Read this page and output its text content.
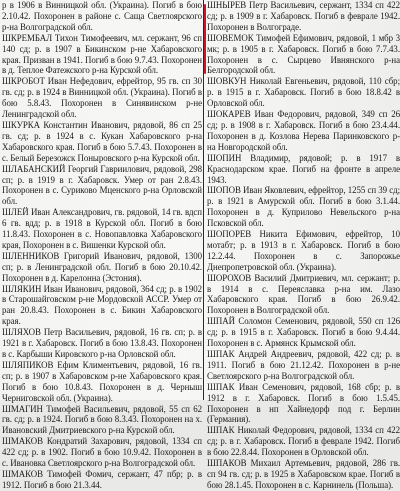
р в 1906 в Винницкой обл. (Украина). Погиб в бою 2.10.42. Похоронен в районе с. Саща Светлоярского р-на Волгоградской обл.

ШКРЕМБАЛ Тихон Тимофеевич, мл. сержант, 96 сп 140 сд; р. в 1907 в Бикинском р-не Хабаровского края. Призван в 1941. Погиб в бою 9.7.43. Похоронен в д. Теплое Фатежского р-на Курской обл.

ШКРОБОТ Иван Нефедович, ефрейтор, 95 гв. сп 30 гв. сд; р. в 1924 в Винницкой обл. (Украина). Погиб в бою 5.8.43. Похоронен в Синявинском р-не Ленинградской обл.

ШКУРКА Константин Иванович, рядовой, 86 сп 25 гв. сд; р. в 1924 в с. Кукан Хабаровского р-на Хабаровского края. Погиб в бою 5.7.43. Похоронен в с. Белый Березожск Поныровского р-на Курской обл.

ШЛАБАНСКИЙ Георгий Гавриилович, рядовой, 298 сп; р. в 1919 в г. Хабаровск. Умер от ран 2.8.43. Похоронен в с. Суриково Мценского р-на Орловской обл.

ШЛЕЙ Иван Александрович, гв. рядовой, 14 гв. вдсп 6 гв. вдд; р. в 1918 в Курской обл. Погиб в бою 11.8.43. Похоронен в с. Новопавловка Хабаровского края, Похоронен в с. Вишенки Курской обл.

ШЛЕННИКОВ Григорий Иванович, рядовой, 1300 сп; р. в Ленинградской обл. Погиб в бою 20.10.42. Похоронен в д. Карелонна (Эстония).

ШЛЯКИН Иван Иванович, рядовой, 364 сд; р. в 1902 в Старошайговском р-не Мордовской АССР. Умер от ран 20.8.43. Похоронен в с. Бикин Хабаровского края.

ШЛЯХОВ Петр Васильевич, рядовой, 16 гв. сп; р. в 1921 в г. Хабаровск. Погиб в бою 13.8.43. Похоронен в с. Карбыши Кировского р-на Орловской обл.

ШЛЯПИКОВ Ефим Климентьевич, рядовой, 16 гв. сп; р. в 1907 в Хабаровском р-не Хабаровского края. Погиб в бою 10.8.43. Похоронен в д. Черныш Черниговской обл. (Украина).

ШМАГИН Тимофей Васильевич, рядовой, 55 сп 62 гв. сд; р. в 1924. Погиб в бою 8.3.43. Похоронен на х. Ивановский Дмитриевского р-на Курской обл.

ШМАКОВ Кондратий Захарович, рядовой, 1334 сп 422 сд; р. в 1902. Погиб в бою 10.9.42. Похоронен в с. Ивановка Светлоярского р-на Волгоградской обл.

ШМАКОВ Тимофей Фомич, сержант, 47 пбр; р. в 1912. Погиб в бою 21.3.44.

ШНЫРЕВ Петр Васильевич, сержант, 1334 сп 422 сд; р. в 1909 в г. Хабаровск. Погиб в феврале 1942. Похоронен в Волгограде.

ШОВЕМОК Тимофей Ефимович, рядовой, 1 мбр 3 мк; р. в 1905 в г. Хабаровск. Погиб в бою 7.7.43. Похоронен в с. Сырцево Ивнянского р-на Белгородской обл.

ШОВКУН Николай Евгеньевич, рядовой, 110 сбр; р. в 1915 в г. Хабаровск. Погиб в бою 18.8.42 в Орловской обл.

ШОКАРЕВ Иван Федорович, рядовой, 349 сп 26 сд; р. в 1908 в г. Хабаровск. Погиб в бою 23.4.44. Похоронен в д. Козлова Нерева Паринковского р-на Новгородской обл.

ШОПИН Владимир, рядовой; р. в 1917 в Краснодарском крае. Погиб на фронте в апреле 1943.

ШОПОВ Иван Яковлевич, ефрейтор, 1255 сп 39 сд; р. в 1921 в Амурской обл. Погиб в бою 3.1.44. Похоронен в д. Куприлово Невельского р-на Псковской обл.

ШОПОРЕВ Никита Ефимович, ефрейтор, 10 мотабт; р. в 1913 в г. Хабаровск. Погиб в бою 12.2.44. Похоронен в с. Запорожье Днепропетровской обл. (Украина).

ШОРОХОВ Василий Дмитриевич, мл. сержант; р. в 1914 в с. Переяславка р-на им. Лазо Хабаровского края. Погиб в бою 26.9.42. Похоронен в Волгоградской обл.

ШПАЙ Соломон Семенович, рядовой, 550 сп 126 сд; р. в 1915 в г. Хабаровск. Погиб в бою 9.4.44. Похоронен в с. Армянск Крымской обл.

ШПАК Андрей Андреевич, рядовой, 422 сд; р. в 1911. Погиб в бою 21.12.42. Похоронен в р-не Светлоярского р-на Волгоградской обл.

ШПАК Иван Семенович, рядовой, 168 сбр; р. в 1912 в г. Хабаровск. Погиб в бою 1.5.45. Похоронен в нп Хайнедорф под г. Берлин (Германия).

ШПАК Николай Федорович, рядовой, 1334 сп 422 сд; р. в г. Хабаровск. Погиб в феврале 1942. Погиб в бою 22.8.44. Похоронен в Орловской обл.

ШПАКОВ Михаил Артемьевич, рядовой, 286 гв. сп 94 гв. сд; р. в 1925 в Хабаровском крае. Погиб в бою 28.1.45. Похоронен в с. Карнинель (Польша).
